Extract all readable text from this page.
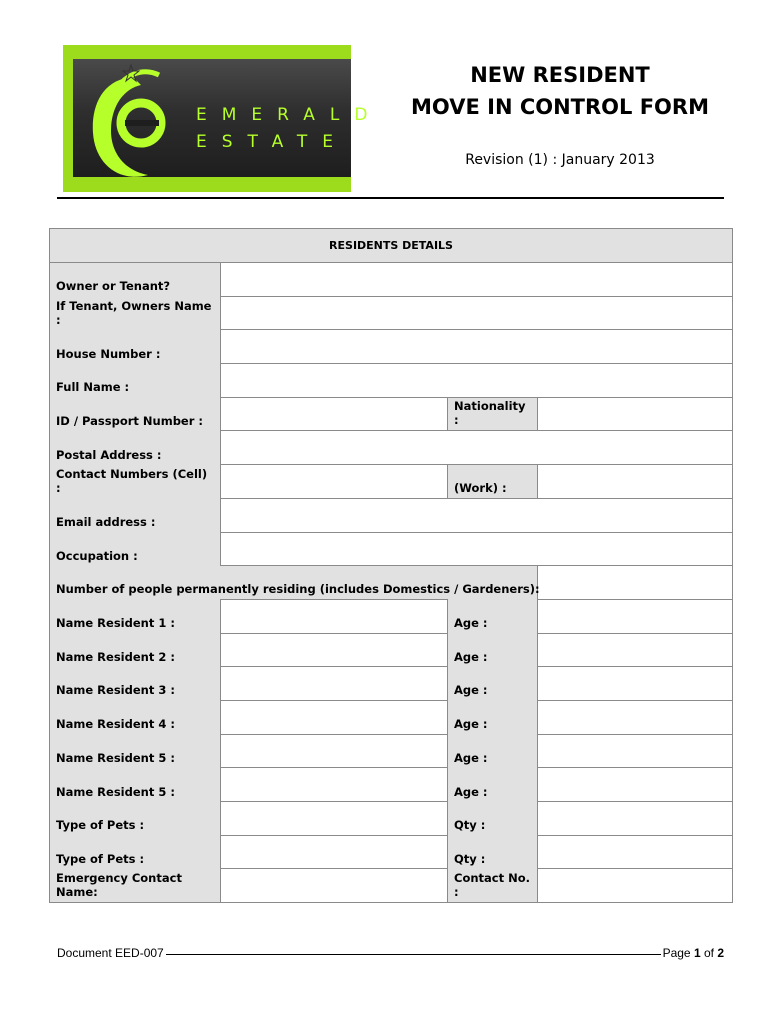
EMERALD
ESTATE
NEW RESIDENT
MOVE IN CONTROL FORM
Revision (1) : January 2013
RESIDENTS DETAILS			
Owner or Tenant?			
If Tenant, Owners Name :			
House Number :			
Full Name :			
ID / Passport Number :		Nationality :	
Postal Address :			
Contact Numbers (Cell) :		(Work) :	
Email address :			
Occupation :			
Number of people permanently residing (includes Domestics / Gardeners):			
Name Resident 1 :		Age :	
Name Resident 2 :		Age :	
Name Resident 3 :		Age :	
Name Resident 4 :		Age :	
Name Resident 5 :		Age :	
Name Resident 5 :		Age :	
Type of Pets :		Qty :	
Type of Pets :		Qty :	
Emergency Contact Name:		Contact No. :	
Document EED-007	Page 1 of 2
